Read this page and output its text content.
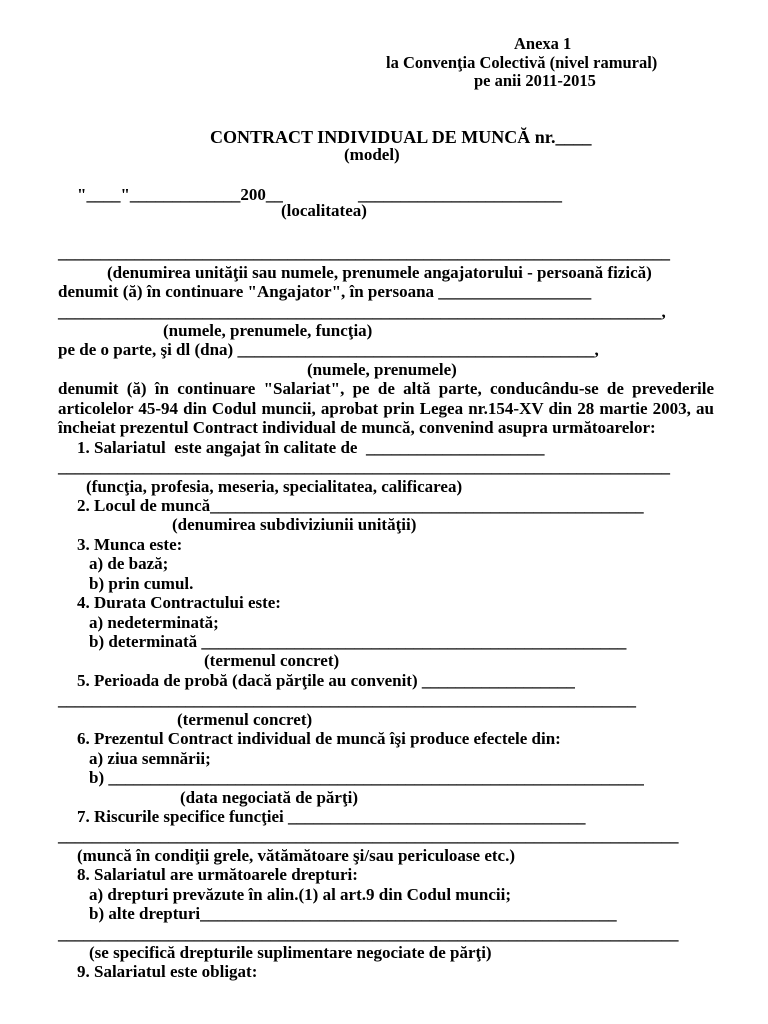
Anexa 1
la Convenţia Colectivă (nivel ramural)
pe anii 2011-2015
CONTRACT INDIVIDUAL DE MUNCĂ nr.____
(model)
"____"_____________200__	________________________
(localitatea)
________________________________________________________________________
(denumirea unităţii sau numele, prenumele angajatorului - persoană fizică)
denumit (ă) în continuare "Angajator", în persoana __________________
_______________________________________________________________________,
(numele, prenumele, funcţia)
pe de o parte, şi dl (dna) __________________________________________,
(numele, prenumele)
denumit (ă) în continuare "Salariat", pe de altă parte, conducându-se de prevederile
articolelor 45-94 din Codul muncii, aprobat prin Legea nr.154-XV din 28 martie 2003, au
încheiat prezentul Contract individual de muncă, convenind asupra următoarelor:
1. Salariatul  este angajat în calitate de  _____________________
________________________________________________________________________
(funcţia, profesia, meseria, specialitatea, calificarea)
2. Locul de muncă___________________________________________________
(denumirea subdiviziunii unităţii)
3. Munca este:
a) de bază;
b) prin cumul.
4. Durata Contractului este:
a) nedeterminată;
b) determinată __________________________________________________
(termenul concret)
5. Perioada de probă (dacă părţile au convenit) __________________
____________________________________________________________________
(termenul concret)
6. Prezentul Contract individual de muncă îşi produce efectele din:
a) ziua semnării;
b) _______________________________________________________________
(data negociată de părţi)
7. Riscurile specifice funcţiei ___________________________________
_________________________________________________________________________
(muncă în condiţii grele, vătămătoare şi/sau periculoase etc.)
8. Salariatul are următoarele drepturi:
a) drepturi prevăzute în alin.(1) al art.9 din Codul muncii;
b) alte drepturi_________________________________________________
_________________________________________________________________________
(se specifică drepturile suplimentare negociate de părţi)
9. Salariatul este obligat:
